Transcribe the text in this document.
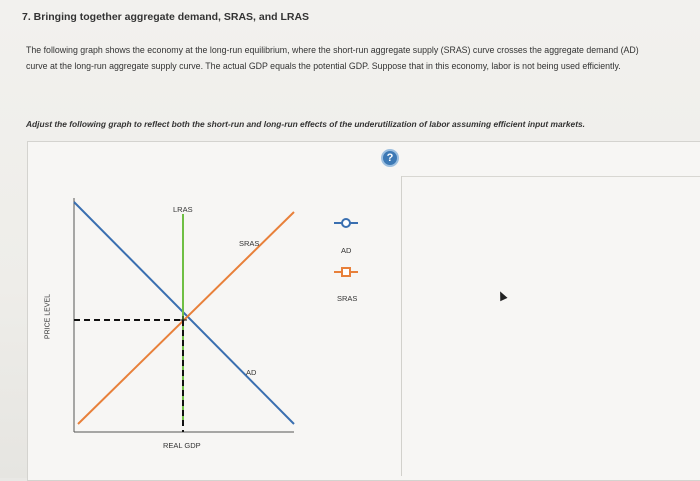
7. Bringing together aggregate demand, SRAS, and LRAS
The following graph shows the economy at the long-run equilibrium, where the short-run aggregate supply (SRAS) curve crosses the aggregate demand (AD) curve at the long-run aggregate supply curve. The actual GDP equals the potential GDP. Suppose that in this economy, labor is not being used efficiently.
Adjust the following graph to reflect both the short-run and long-run effects of the underutilization of labor assuming efficient input markets.
?
LRAS
SRAS
AD
REAL GDP
PRICE LEVEL
AD
SRAS
